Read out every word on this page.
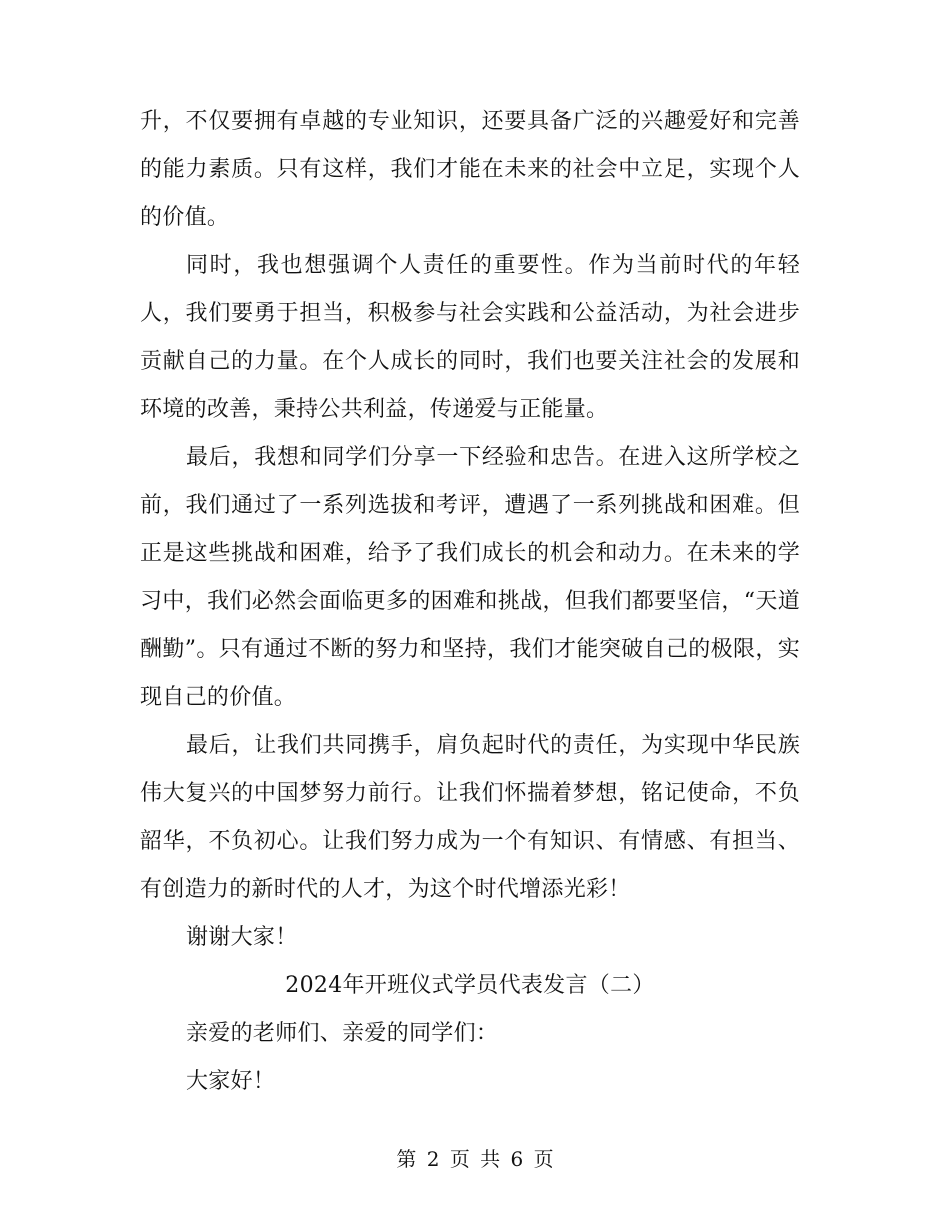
升，不仅要拥有卓越的专业知识，还要具备广泛的兴趣爱好和完善的能力素质。只有这样，我们才能在未来的社会中立足，实现个人的价值。

同时，我也想强调个人责任的重要性。作为当前时代的年轻人，我们要勇于担当，积极参与社会实践和公益活动，为社会进步贡献自己的力量。在个人成长的同时，我们也要关注社会的发展和环境的改善，秉持公共利益，传递爱与正能量。

最后，我想和同学们分享一下经验和忠告。在进入这所学校之前，我们通过了一系列选拔和考评，遭遇了一系列挑战和困难。但正是这些挑战和困难，给予了我们成长的机会和动力。在未来的学习中，我们必然会面临更多的困难和挑战，但我们都要坚信，“天道酬勤”。只有通过不断的努力和坚持，我们才能突破自己的极限，实现自己的价值。

最后，让我们共同携手，肩负起时代的责任，为实现中华民族伟大复兴的中国梦努力前行。让我们怀揣着梦想，铭记使命，不负韶华，不负初心。让我们努力成为一个有知识、有情感、有担当、有创造力的新时代的人才，为这个时代增添光彩！

谢谢大家！

2024年开班仪式学员代表发言（二）

亲爱的老师们、亲爱的同学们：

大家好！

第 2 页 共 6 页
